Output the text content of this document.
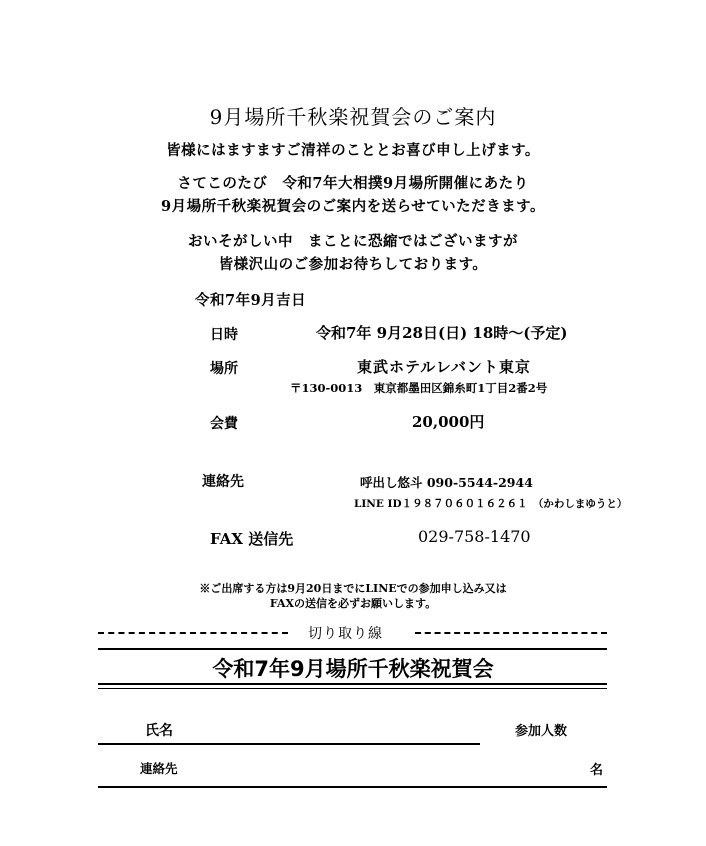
9月場所千秋楽祝賀会のご案内
皆様にはますますご清祥のこととお喜び申し上げます。
さてこのたび　令和7年大相撲9月場所開催にあたり
9月場所千秋楽祝賀会のご案内を送らせていただきます。
おいそがしい中　まことに恐縮ではございますが
皆様沢山のご参加お待ちしております。
令和7年9月吉日
日時	令和7年 9月28日(日) 18時～(予定)
場所	東武ホテルレバント東京
〒130-0013　東京都墨田区錦糸町1丁目2番2号
会費	20,000円
連絡先	呼出し悠斗 090-5544-2944
LINE ID１９８７０６０１６２６１　（かわしまゆうと）
FAX 送信先	029-758-1470
※ご出席する方は9月20日までにLINEでの参加申し込み又は
FAXの送信を必ずお願いします。
切り取り線
令和7年9月場所千秋楽祝賀会
氏名	参加人数
連絡先	名
